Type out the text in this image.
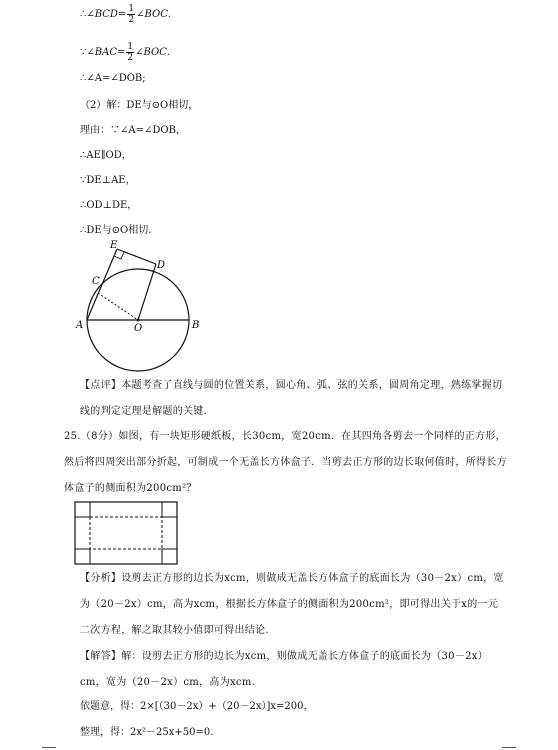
∴∠BCD= $\frac{1}{2}$ ∠BOC.
∵∠BAC= $\frac{1}{2}$ ∠BOC.
∴∠A=∠DOB;
（2）解：DE与⊙O相切，
理由：∵∠A=∠DOB，
∴AE∥OD，
∵DE⊥AE，
∴OD⊥DE，
∴DE与⊙O相切.
E
C
D
A	O	B
【点评】本题考查了直线与圆的位置关系，圆心角、弧、弦的关系，圆周角定理，熟练掌握切线的判定定理是解题的关键.
25.（8分）如图，有一块矩形硬纸板，长30cm，宽20cm．在其四角各剪去一个同样的正方形，然后将四周突出部分折起，可制成一个无盖长方体盒子．当剪去正方形的边长取何值时，所得长方体盒子的侧面积为200cm²？
【分析】设剪去正方形的边长为xcm，则做成无盖长方体盒子的底面长为（30－2x）cm，宽为（20－2x）cm，高为xcm，根据长方体盒子的侧面积为200cm²，即可得出关于x的一元二次方程，解之取其较小值即可得出结论.
【解答】解：设剪去正方形的边长为xcm，则做成无盖长方体盒子的底面长为（30－2x）cm，宽为（20－2x）cm，高为xcm.
依题意，得：2×[（30－2x）+（20－2x）]x=200，
整理，得：2x²－25x+50=0.
